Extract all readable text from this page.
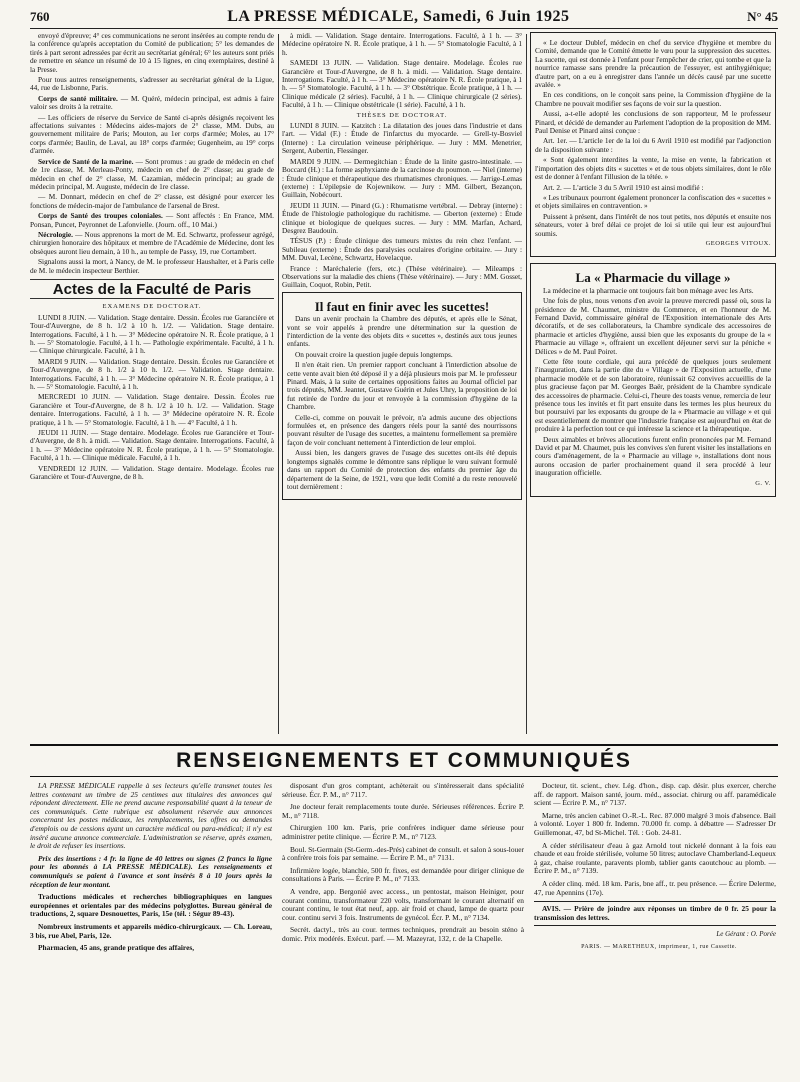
760	LA PRESSE MÉDICALE, Samedi, 6 Juin 1925	N° 45

envoyé d'épreuve; 4° ces communications ne seront insérées au compte rendu de la conférence qu'après acceptation du Comité de publication; 5° les demandes de tirés à part seront adressées par écrit au secrétariat général; 6° les auteurs sont priés de remettre en séance un résumé de 10 à 15 lignes, en cinq exemplaires, destiné à la Presse.

Pour tous autres renseignements, s'adresser au secrétariat général de la Ligue, 44, rue de Lisbonne, Paris.

Corps de santé militaire. — M. Quéré, médecin principal, est admis à faire valoir ses droits à la retraite.

— Les officiers de réserve du Service de Santé ci-après désignés reçoivent les affectations suivantes : Médecins aides-majors de 2° classe, MM. Dubs, au gouvernement militaire de Paris; Mouton, au 1er corps d'armée; Moles, au 17° corps d'armée; Baulin, de Laval, au 18° corps d'armée; Gugenheim, au 19° corps d'armée.

Service de Santé de la marine. — Sont promus : au grade de médecin en chef de 1re classe, M. Merleau-Ponty, médecin en chef de 2° classe; au grade de médecin en chef de 2° classe, M. Cazamian, médecin principal; au grade de médecin principal, M. Auguste, médecin de 1re classe.

— M. Donnart, médecin en chef de 2° classe, est désigné pour exercer les fonctions de médecin-major de l'ambulance de l'arsenal de Brest.

Corps de Santé des troupes coloniales. — Sont affectés : En France, MM. Ponsan, Puncet, Peyronnet de Lafonvielle. (Journ. off., 10 Mai.)

Nécrologie. — Nous apprenons la mort de M. Ed. Schwartz, professeur agrégé, chirurgien honoraire des hôpitaux et membre de l'Académie de Médecine, dont les obsèques auront lieu demain, à 10 h., au temple de Passy, 19, rue Cortambert.

Signalons aussi la mort, à Nancy, de M. le professeur Haushalter, et à Paris celle de M. le médecin inspecteur Berthier.

Actes de la Faculté de Paris

EXAMENS DE DOCTORAT.

LUNDI 8 JUIN. — Validation. Stage dentaire. Dessin. Écoles rue Garancière et Tour-d'Auvergne, de 8 h. 1/2 à 10 h. 1/2. — Validation. Stage dentaire. Interrogations. Faculté, à 1 h. — 3° Médecine opératoire N. R. École pratique, à 1 h. — 5° Stomatologie. Faculté, à 1 h. — Pathologie expérimentale. Faculté, à 1 h. — Clinique chirurgicale. Faculté, à 1 h.

MARDI 9 JUIN. — Validation. Stage dentaire. Dessin. Écoles rue Garancière et Tour-d'Auvergne, de 8 h. 1/2 à 10 h. 1/2. — Validation. Stage dentaire. Interrogations. Faculté, à 1 h. — 3° Médecine opératoire N. R. École pratique, à 1 h. — 5° Stomatologie. Faculté, à 1 h.

MERCREDI 10 JUIN. — Validation. Stage dentaire. Dessin. Écoles rue Garancière et Tour-d'Auvergne, de 8 h. 1/2 à 10 h. 1/2. — Validation. Stage dentaire. Interrogations. Faculté, à 1 h. — 3° Médecine opératoire N. R. École pratique, à 1 h. — 5° Stomatologie. Faculté, à 1 h. — 4° Faculté, à 1 h.

JEUDI 11 JUIN. — Stage dentaire. Modelage. Écoles rue Garancière et Tour-d'Auvergne, de 8 h. à midi. — Validation. Stage dentaire. Interrogations. Faculté, à 1 h. — 3° Médecine opératoire N. R. École pratique, à 1 h. — 5° Stomatologie. Faculté, à 1 h. — Clinique médicale. Faculté, à 1 h.

VENDREDI 12 JUIN. — Validation. Stage dentaire. Modelage. Écoles rue Garancière et Tour-d'Auvergne, de 8 h.

à midi. — Validation. Stage dentaire. Interrogations. Faculté, à 1 h. — 3° Médecine opératoire N. R. École pratique, à 1 h. — 5° Stomatologie Faculté, à 1 h.

SAMEDI 13 JUIN. — Validation. Stage dentaire. Modelage. Écoles rue Garancière et Tour-d'Auvergne, de 8 h. à midi. — Validation. Stage dentaire. Interrogations. Faculté, à 1 h. — 3° Médecine opératoire N. R. École pratique, à 1 h. — 5° Stomatologie. Faculté, à 1 h. — 3° Obstétrique. École pratique, à 1 h. — Clinique médicale (2 séries). Faculté, à 1 h. — Clinique chirurgicale (2 séries). Faculté, à 1 h. — Clinique obstétricale (1 série). Faculté, à 1 h.

THÈSES DE DOCTORAT.

LUNDI 8 JUIN. — Katzitch : La dilatation des joues dans l'industrie et dans l'art. — Vidal (F.) : Étude de l'infarctus du myocarde. — Grell-ty-Bosviel (Interne) : La circulation veineuse périphérique. — Jury : MM. Menetrier, Sergent, Aubertin, Flessinger.

MARDI 9 JUIN. — Dermegitchian : Étude de la linite gastro-intestinale. — Boccard (H.) : La forme asphyxiante de la carcinose du poumon. — Niel (interne) : Étude clinique et thérapeutique des rhumatismes chroniques. — Jarrige-Lemas (externe) : L'épilepsie de Kojewnikow. — Jury : MM. Gilbert, Bezançon, Guillain, Nobécourt.

JEUDI 11 JUIN. — Pinard (G.) : Rhumatisme vertébral. — Debray (interne) : Étude de l'histologie pathologique du rachitisme. — Gberton (externe) : Étude clinique et biologique de quelques sucres. — Jury : MM. Marfan, Achard, Desgrez Baudouin.

TÉSUS (P.) : Étude clinique des tumeurs mixtes du rein chez l'enfant. — Subileau (externe) : Étude des paralysies oculaires d'origine orbitaire. — Jury : MM. Duval, Lecène, Schwartz, Hovelacque.

France : Maréchalerie (fers, etc.) (Thèse vétérinaire). — Mileamps : Observations sur la maladie des chiens (Thèse vétérinaire). — Jury : MM. Gosset, Guillain, Coquot, Robin, Petit.

Il faut en finir avec les sucettes!

Dans un avenir prochain la Chambre des députés, et après elle le Sénat, vont se voir appelés à prendre une détermination sur la question de l'interdiction de la vente des objets dits « sucettes », destinés aux tous jeunes enfants.

On pouvait croire la question jugée depuis longtemps.

Il n'en était rien. Un premier rapport concluant à l'interdiction absolue de cette vente avait bien été déposé il y a déjà plusieurs mois par M. le professeur Pinard. Mais, à la suite de certaines oppositions faites au Journal officiel par trois députés, MM. Jeantet, Gustave Guérin et Jules Uhry, la proposition de loi fut retirée de l'ordre du jour et renvoyée à la commission d'hygiène de la Chambre.

Celle-ci, comme on pouvait le prévoir, n'a admis aucune des objections formulées et, en présence des dangers réels pour la santé des nourrissons pouvant résulter de l'usage des sucettes, a maintenu formellement sa première façon de voir concluant nettement à l'interdiction de leur emploi.

Aussi bien, les dangers graves de l'usage des sucettes ont-ils été depuis longtemps signalés comme le démontre sans réplique le vœu suivant formulé dans un rapport du Comité de protection des enfants du premier âge du département de la Seine, de 1921, vœu que ledit Comité a du reste renouvelé tout dernièrement :

« Le docteur Dublef, médecin en chef du service d'hygiène et membre du Comité, demande que le Comité émette le vœu pour la suppression des sucettes. La sucette, qui est donnée à l'enfant pour l'empêcher de crier, qui tombe et que la nourrice ramasse sans prendre la précaution de l'essuyer, est antihygiénique; d'autre part, on a eu à enregistrer dans l'année un décès causé par une sucette avalée. »

En ces conditions, on le conçoit sans peine, la Commission d'hygiène de la Chambre ne pouvait modifier ses façons de voir sur la question.

Aussi, a-t-elle adopté les conclusions de son rapporteur, M le professeur Pinard, et décidé de demander au Parlement l'adoption de la proposition de MM. Paul Denise et Pinard ainsi conçue :

Art. 1er. — L'article 1er de la loi du 6 Avril 1910 est modifié par l'adjonction de la disposition suivante :

« Sont également interdites la vente, la mise en vente, la fabrication et l'importation des objets dits « sucettes » et de tous objets similaires, dont le rôle est de donner à l'enfant l'illusion de la tétée. »

Art. 2. — L'article 3 du 5 Avril 1910 est ainsi modifié :

« Les tribunaux pourront également prononcer la confiscation des « sucettes » et objets similaires en contravention. »

Puissent à présent, dans l'intérêt de nos tout petits, nos députés et ensuite nos sénateurs, voter à bref délai ce projet de loi si utile qui leur est aujourd'hui soumis.

GEORGES VITOUX.

La « Pharmacie du village »

La médecine et la pharmacie ont toujours fait bon ménage avec les Arts.

Une fois de plus, nous venons d'en avoir la preuve mercredi passé où, sous la présidence de M. Chaumet, ministre du Commerce, et en l'honneur de M. Fernand David, commissaire général de l'Exposition internationale des Arts décoratifs, et de ses collaborateurs, la Chambre syndicale des accessoires de pharmacie et articles d'hygiène, aussi bien que les exposants du groupe de la « Pharmacie au village », offraient un excellent déjeuner servi sur la péniche « Délices » de M. Paul Poiret.

Cette fête toute cordiale, qui aura précédé de quelques jours seulement l'inauguration, dans la partie dite du « Village » de l'Exposition actuelle, d'une pharmacie modèle et de son laboratoire, réunissait 62 convives accueillis de la plus gracieuse façon par M. Georges Baër, président de la Chambre syndicale des accessoires de pharmacie. Celui-ci, l'heure des toasts venue, remercia de leur présence tous les invités et fit part ensuite dans les termes les plus heureux du but poursuivi par les exposants du groupe de la « Pharmacie au village » et qui est essentiellement de montrer que l'industrie française est aujourd'hui en état de produire à la perfection tout ce qui intéresse la science et la thérapeutique.

Deux aimables et brèves allocutions furent enfin prononcées par M. Fernand David et par M. Chaumet, puis les convives s'en furent visiter les installations en cours d'aménagement, de la « Pharmacie au village », installations dont nous aurons occasion de parler prochainement quand il sera procédé à leur inauguration officielle.

G. V.

RENSEIGNEMENTS ET COMMUNIQUÉS

LA PRESSE MÉDICALE rappelle à ses lecteurs qu'elle transmet toutes les lettres contenant un timbre de 25 centimes aux titulaires des annonces qui répondent directement. Elle ne prend aucune responsabilité quant à la teneur de ces communiqués. Cette rubrique est absolument réservée aux annonces concernant les postes médicaux, les remplacements, les offres ou demandes d'emplois ou de cessions ayant un caractère médical ou para-médical; il n'y est inséré aucune annonce commerciale. L'administration se réserve, après examen, le droit de refuser les insertions.

Prix des insertions : 4 fr. la ligne de 40 lettres ou signes (2 francs la ligne pour les abonnés à LA PRESSE MÉDICALE). Les renseignements et communiqués se paient à l'avance et sont insérés 8 à 10 jours après la réception de leur montant.

Traductions médicales et recherches bibliographiques en langues européennes et orientales par des médecins polyglottes. Bureau général de traductions, 2, square Desnouettes, Paris, 15e (tél. : Ségur 89-43).

Nombreux instruments et appareils médico-chirurgicaux. — Ch. Loreau, 3 bis, rue Abel, Paris, 12e.

Pharmacien, 45 ans, grande pratique des affaires,

disposant d'un gros comptant, achèterait ou s'intéresserait dans spécialité sérieuse. Écr. P. M., n° 7117.

Jne docteur ferait remplacements toute durée. Sérieuses références. Écrire P. M., n° 7118.

Chirurgien 100 km. Paris, prie confrères indiquer dame sérieuse pour administrer petite clinique. — Écrire P. M., n° 7123.

Boul. St-Germain (St-Germ.-des-Prés) cabinet de consult. et salon à sous-louer à confrère trois fois par semaine. — Écrire P. M., n° 7131.

Infirmière logée, blanchie, 500 fr. fixes, est demandée pour diriger clinique de consultations à Paris. — Écrire P. M., n° 7133.

A vendre, app. Bergonié avec access., un pentostat, maison Heiniger, pour courant continu, transformateur 220 volts, transformant le courant alternatif en courant continu, le tout état neuf, app. air froid et chaud, lampe de quartz pour cour. continu servi 3 fois. Instruments de gynécol. Écr. P. M., n° 7134.

Secrét. dactyl., très au cour. termes techniques, prendrait au besoin sténo à domic. Prix modérés. Exécut. parf. — M. Mazeyrat, 132, r. de la Chapelle.

Docteur, tit. scient., chev. Lég. d'hon., disp. cap. désir. plus exercer, cherche aff. de rapport. Maison santé, journ. méd., associat. chirurg ou aff. paramédicale scient — Écrire P. M., n° 7137.

Marne, très ancien cabinet O.-R.-L. Rec. 87.000 malgré 3 mois d'absence. Bail à volonté. Loyer 1 800 fr. Indemn. 70.000 fr. comp. à débattre — S'adresser Dr Guillemonat, 47, bd St-Michel. Tél. : Gob. 24-81.

A céder stérilisateur d'eau à gaz Arnold tout nickelé donnant à la fois eau chaude et eau froide stérilisée, volume 50 litres; autoclave Chamberland-Lequeux à gaz, chaise roulante, paravents plomb, tablier gants caoutchouc au plomb. — Écrire P. M., n° 7139.

A céder clinq. méd. 18 km. Paris, bne aff., tr. peu présence. — Écrire Delerme, 47, rue Apennins (17e).

AVIS. — Prière de joindre aux réponses un timbre de 0 fr. 25 pour la transmission des lettres.

Le Gérant : O. Porée

PARIS. — MARETHEUX, imprimeur, 1, rue Cassette.
